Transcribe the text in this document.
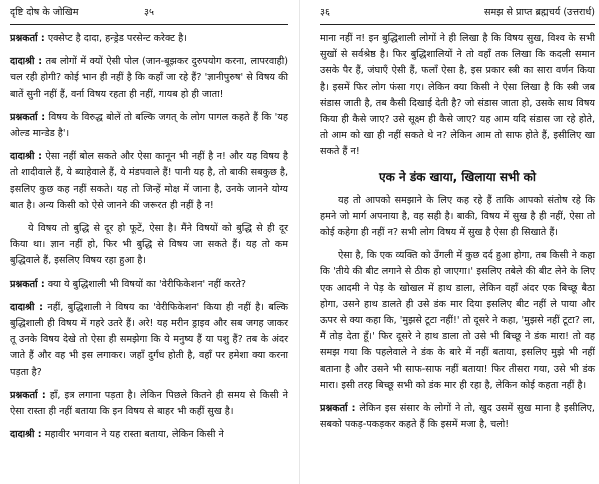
दृष्टि दोष के जोखिम	३५
प्रश्नकर्ता : एक्सेप्ट है दादा, हन्ड्रेड परसेन्ट करेक्ट है।
दादाश्री : तब लोगों में क्यों ऐसी पोल (जान-बूझकर दुरुपयोग करना, लापरवाही) चल रही होगी? कोई भान ही नहीं है कि कहाँ जा रहे हैं? 'ज्ञानीपुरुष' से विषय की बातें सुनी नहीं हैं, वर्ना विषय रहता ही नहीं, गायब हो ही जाता!
प्रश्नकर्ता : विषय के विरुद्ध बोलें तो बल्कि जगत् के लोग पागल कहते हैं कि 'यह ओल्ड मान्डेड है'।
दादाश्री : ऐसा नहीं बोल सकते और ऐसा कानून भी नहीं है न! और यह विषय है तो शादीवाले हैं, ये ब्याहेवाले हैं, ये मंडपवाले हैं! पानी यह है, तो बाकी सबकुछ है, इसलिए कुछ कह नहीं सकते। यह तो जिन्हें मोक्ष में जाना है, उनके जानने योग्य बात है। अन्य किसी को ऐसे जानने की जरूरत ही नहीं है न!
ये विषय तो बुद्धि से दूर हो फूटें, ऐसा है। मैंने विषयों को बुद्धि से ही दूर किया था। ज्ञान नहीं हो, फिर भी बुद्धि से विषय जा सकते हैं। यह तो कम बुद्धिवाले हैं, इसलिए विषय रहा हुआ है।
प्रश्नकर्ता : क्या ये बुद्धिशाली भी विषयों का 'वेरीफिकेशन' नहीं करते?
दादाश्री : नहीं, बुद्धिशाली ने विषय का 'वेरीफिकेशन' किया ही नहीं है। बल्कि बुद्धिशाली ही विषय में गहरे उतरे हैं। अरे! यह मरीन ड्राइव और सब जगह जाकर तू उनके विषय देखे तो ऐसा ही समझेगा कि ये मनुष्य हैं या पशु हैं? तब के अंदर जाते हैं और वह भी इस लगाकर। जहाँ दुर्गंध होती है, वहाँ पर हमेशा क्या करना पड़ता है?
प्रश्नकर्ता : हाँ, इत्र लगाना पड़ता है। लेकिन पिछले कितने ही समय से किसी ने ऐसा रास्ता ही नहीं बताया कि इन विषय से बाहर भी कहीं सुख है।
दादाश्री : महावीर भगवान ने यह रास्ता बताया, लेकिन किसी ने
३६	समझ से प्राप्त ब्रह्मचर्य (उत्तरार्ध)
माना नहीं न! इन बुद्धिशाली लोगों ने ही लिखा है कि विषय सुख, विश्व के सभी सुखों से सर्वश्रेष्ठ है। फिर बुद्धिशालियों ने तो वहाँ तक लिखा कि कदली समान उसके पैर हैं, जंघाएँ ऐसी हैं, फलाँ ऐसा है, इस प्रकार स्त्री का सारा वर्णन किया है। इसमें फिर लोग फंसा गए। लेकिन क्या किसी ने ऐसा लिखा है कि स्त्री जब संडास जाती है, तब कैसी दिखाई देती है? जो संडास जाता हो, उसके साथ विषय किया ही कैसे जाए? उसे सूक्ष्म ही कैसे जाए? यह आम यदि संडास जा रहे होते, तो आम को खा ही नहीं सकते थे न? लेकिन आम तो साफ होते हैं, इसीलिए खा सकते हैं न!
एक ने डंक खाया, खिलाया सभी को
यह तो आपको समझाने के लिए कह रहे हैं ताकि आपको संतोष रहे कि हमने जो मार्ग अपनाया है, वह सही है। बाकी, विषय में सुख है ही नहीं, ऐसा तो कोई कहेगा ही नहीं न? सभी लोग विषय में सुख है ऐसा ही सिखाते हैं।
ऐसा है, कि एक व्यक्ति को उँगली में कुछ दर्द हुआ होगा, तब किसी ने कहा कि 'तीये की बीट लगाने से ठीक हो जाएगा।' इसलिए तबेले की बीट लेने के लिए एक आदमी ने पेड़ के खोखल में हाथ डाला, लेकिन वहाँ अंदर एक बिच्छू बैठा होगा, उसने हाथ डालते ही उसे डंक मार दिया इसलिए बीट नहीं ले पाया और ऊपर से क्या कहा कि, 'मुझसे टूटा नहीं!' तो दूसरे ने कहा, 'मुझसे नहीं टूटा? ला, मैं तोड़ देता हूँ।' फिर दूसरे ने हाथ डाला तो उसे भी बिच्छू ने डंक मारा! तो वह समझ गया कि पहलेवाले ने डंक के बारे में नहीं बताया, इसलिए मुझे भी नहीं बताना है और उसने भी साफ-साफ नहीं बताया! फिर तीसरा गया, उसे भी डंक मारा। इसी तरह बिच्छू सभी को डंक मार ही रहा है, लेकिन कोई कहता नहीं है।
प्रश्नकर्ता : लेकिन इस संसार के लोगों ने तो, खुद उसमें सुख माना है इसीलिए, सबको पकड़-पकड़कर कहते हैं कि इसमें मजा है, चलो!
